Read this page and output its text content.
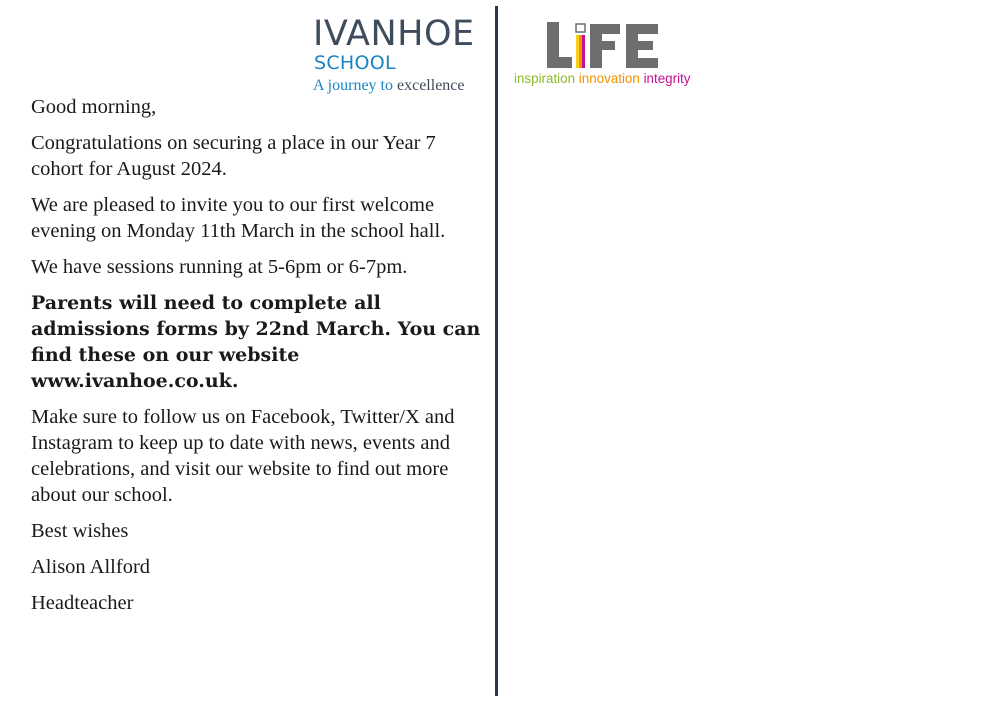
IVANHOE
SCHOOL
A journey to excellence	inspiration innovation integrity

Good morning,

Congratulations on securing a place in our Year 7 cohort for August 2024.

We are pleased to invite you to our first welcome evening on Monday 11th March in the school hall.

We have sessions running at 5-6pm or 6-7pm.

Parents will need to complete all admissions forms by 22nd March. You can find these on our website www.ivanhoe.co.uk.

Make sure to follow us on Facebook, Twitter/X and Instagram to keep up to date with news, events and celebrations, and visit our website to find out more about our school.

Best wishes

Alison Allford

Headteacher
